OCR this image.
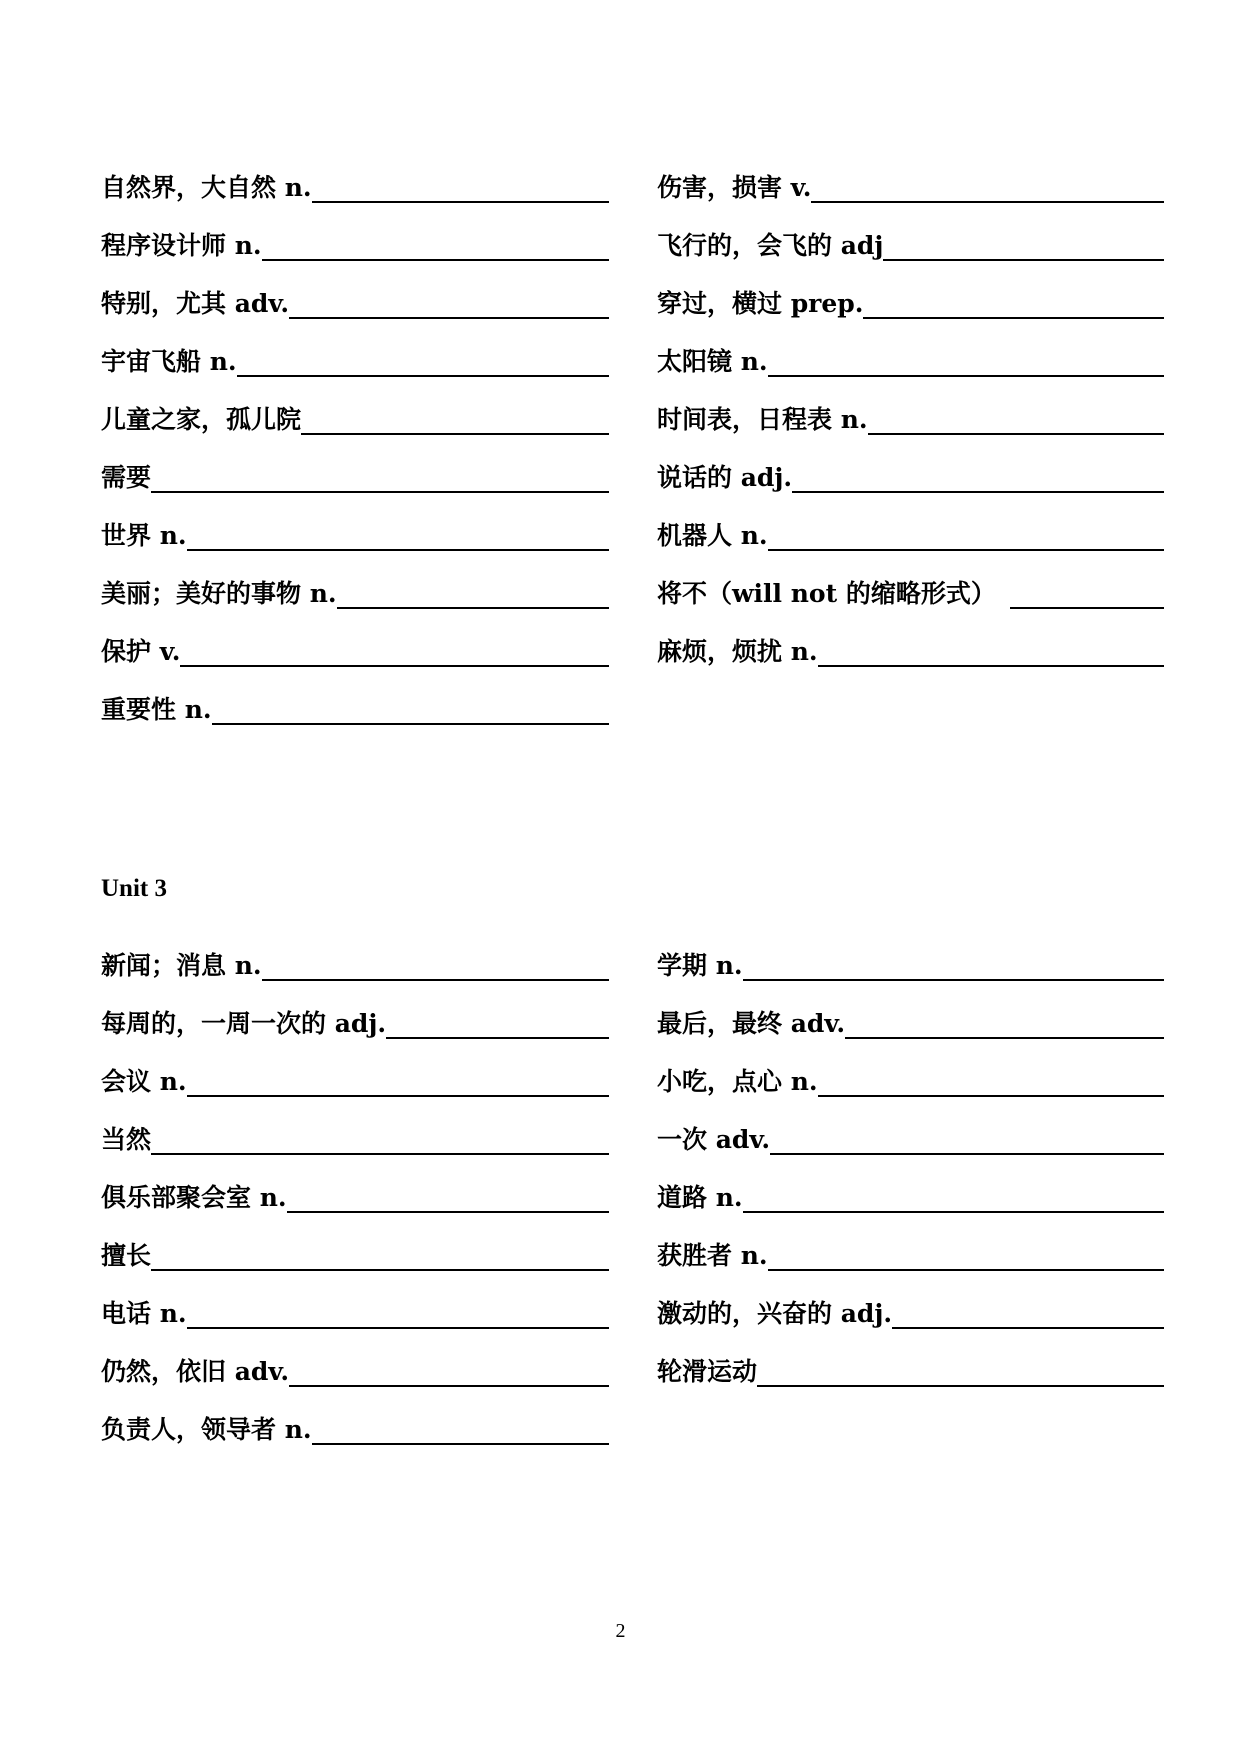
自然界，大自然 n.
程序设计师 n.
特别，尤其 adv.
宇宙飞船 n.
儿童之家，孤儿院
需要
世界 n.
美丽；美好的事物 n.
保护 v.
重要性 n.
伤害，损害 v.
飞行的，会飞的 adj
穿过，横过 prep.
太阳镜 n.
时间表，日程表 n.
说话的 adj.
机器人 n.
将不（will not 的缩略形式）
麻烦，烦扰 n.
Unit 3
新闻；消息 n.
每周的，一周一次的 adj.
会议 n.
当然
俱乐部聚会室 n.
擅长
电话 n.
仍然，依旧 adv.
负责人，领导者 n.
学期 n.
最后，最终 adv.
小吃，点心 n.
一次 adv.
道路 n.
获胜者 n.
激动的，兴奋的 adj.
轮滑运动
2
